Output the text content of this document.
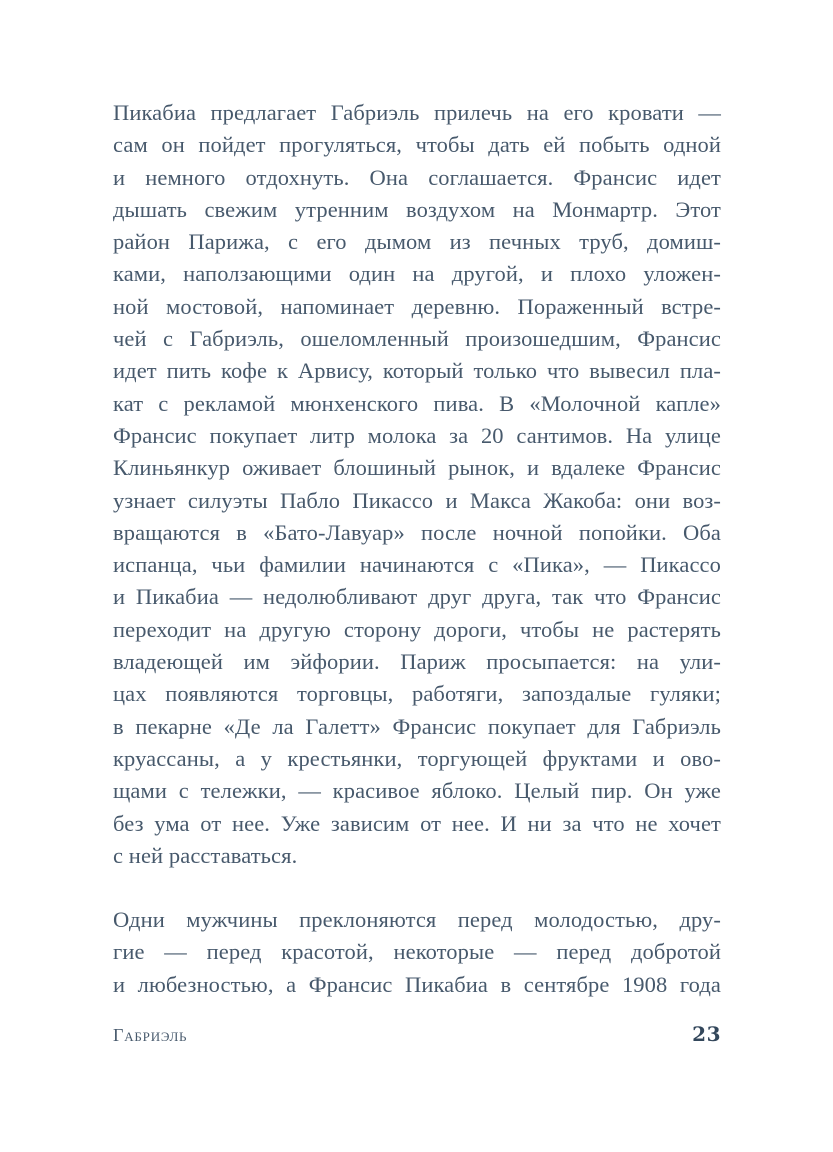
Пикабиа предлагает Габриэль прилечь на его кровати —
сам он пойдет прогуляться, чтобы дать ей побыть одной
и немного отдохнуть. Она соглашается. Франсис идет
дышать свежим утренним воздухом на Монмартр. Этот
район Парижа, с его дымом из печных труб, домиш-
ками, наползающими один на другой, и плохо уложен-
ной мостовой, напоминает деревню. Пораженный встре-
чей с Габриэль, ошеломленный произошедшим, Франсис
идет пить кофе к Арвису, который только что вывесил пла-
кат с рекламой мюнхенского пива. В «Молочной капле»
Франсис покупает литр молока за 20 сантимов. На улице
Клиньянкур оживает блошиный рынок, и вдалеке Франсис
узнает силуэты Пабло Пикассо и Макса Жакоба: они воз-
вращаются в «Бато-Лавуар» после ночной попойки. Оба
испанца, чьи фамилии начинаются с «Пика», — Пикассо
и Пикабиа — недолюбливают друг друга, так что Франсис
переходит на другую сторону дороги, чтобы не растерять
владеющей им эйфории. Париж просыпается: на ули-
цах появляются торговцы, работяги, запоздалые гуляки;
в пекарне «Де ла Галетт» Франсис покупает для Габриэль
круассаны, а у крестьянки, торгующей фруктами и ово-
щами с тележки, — красивое яблоко. Целый пир. Он уже
без ума от нее. Уже зависим от нее. И ни за что не хочет
с ней расставаться.
Одни мужчины преклоняются перед молодостью, дру-
гие — перед красотой, некоторые — перед добротой
и любезностью, а Франсис Пикабиа в сентябре 1908 года
Габриэль	23
